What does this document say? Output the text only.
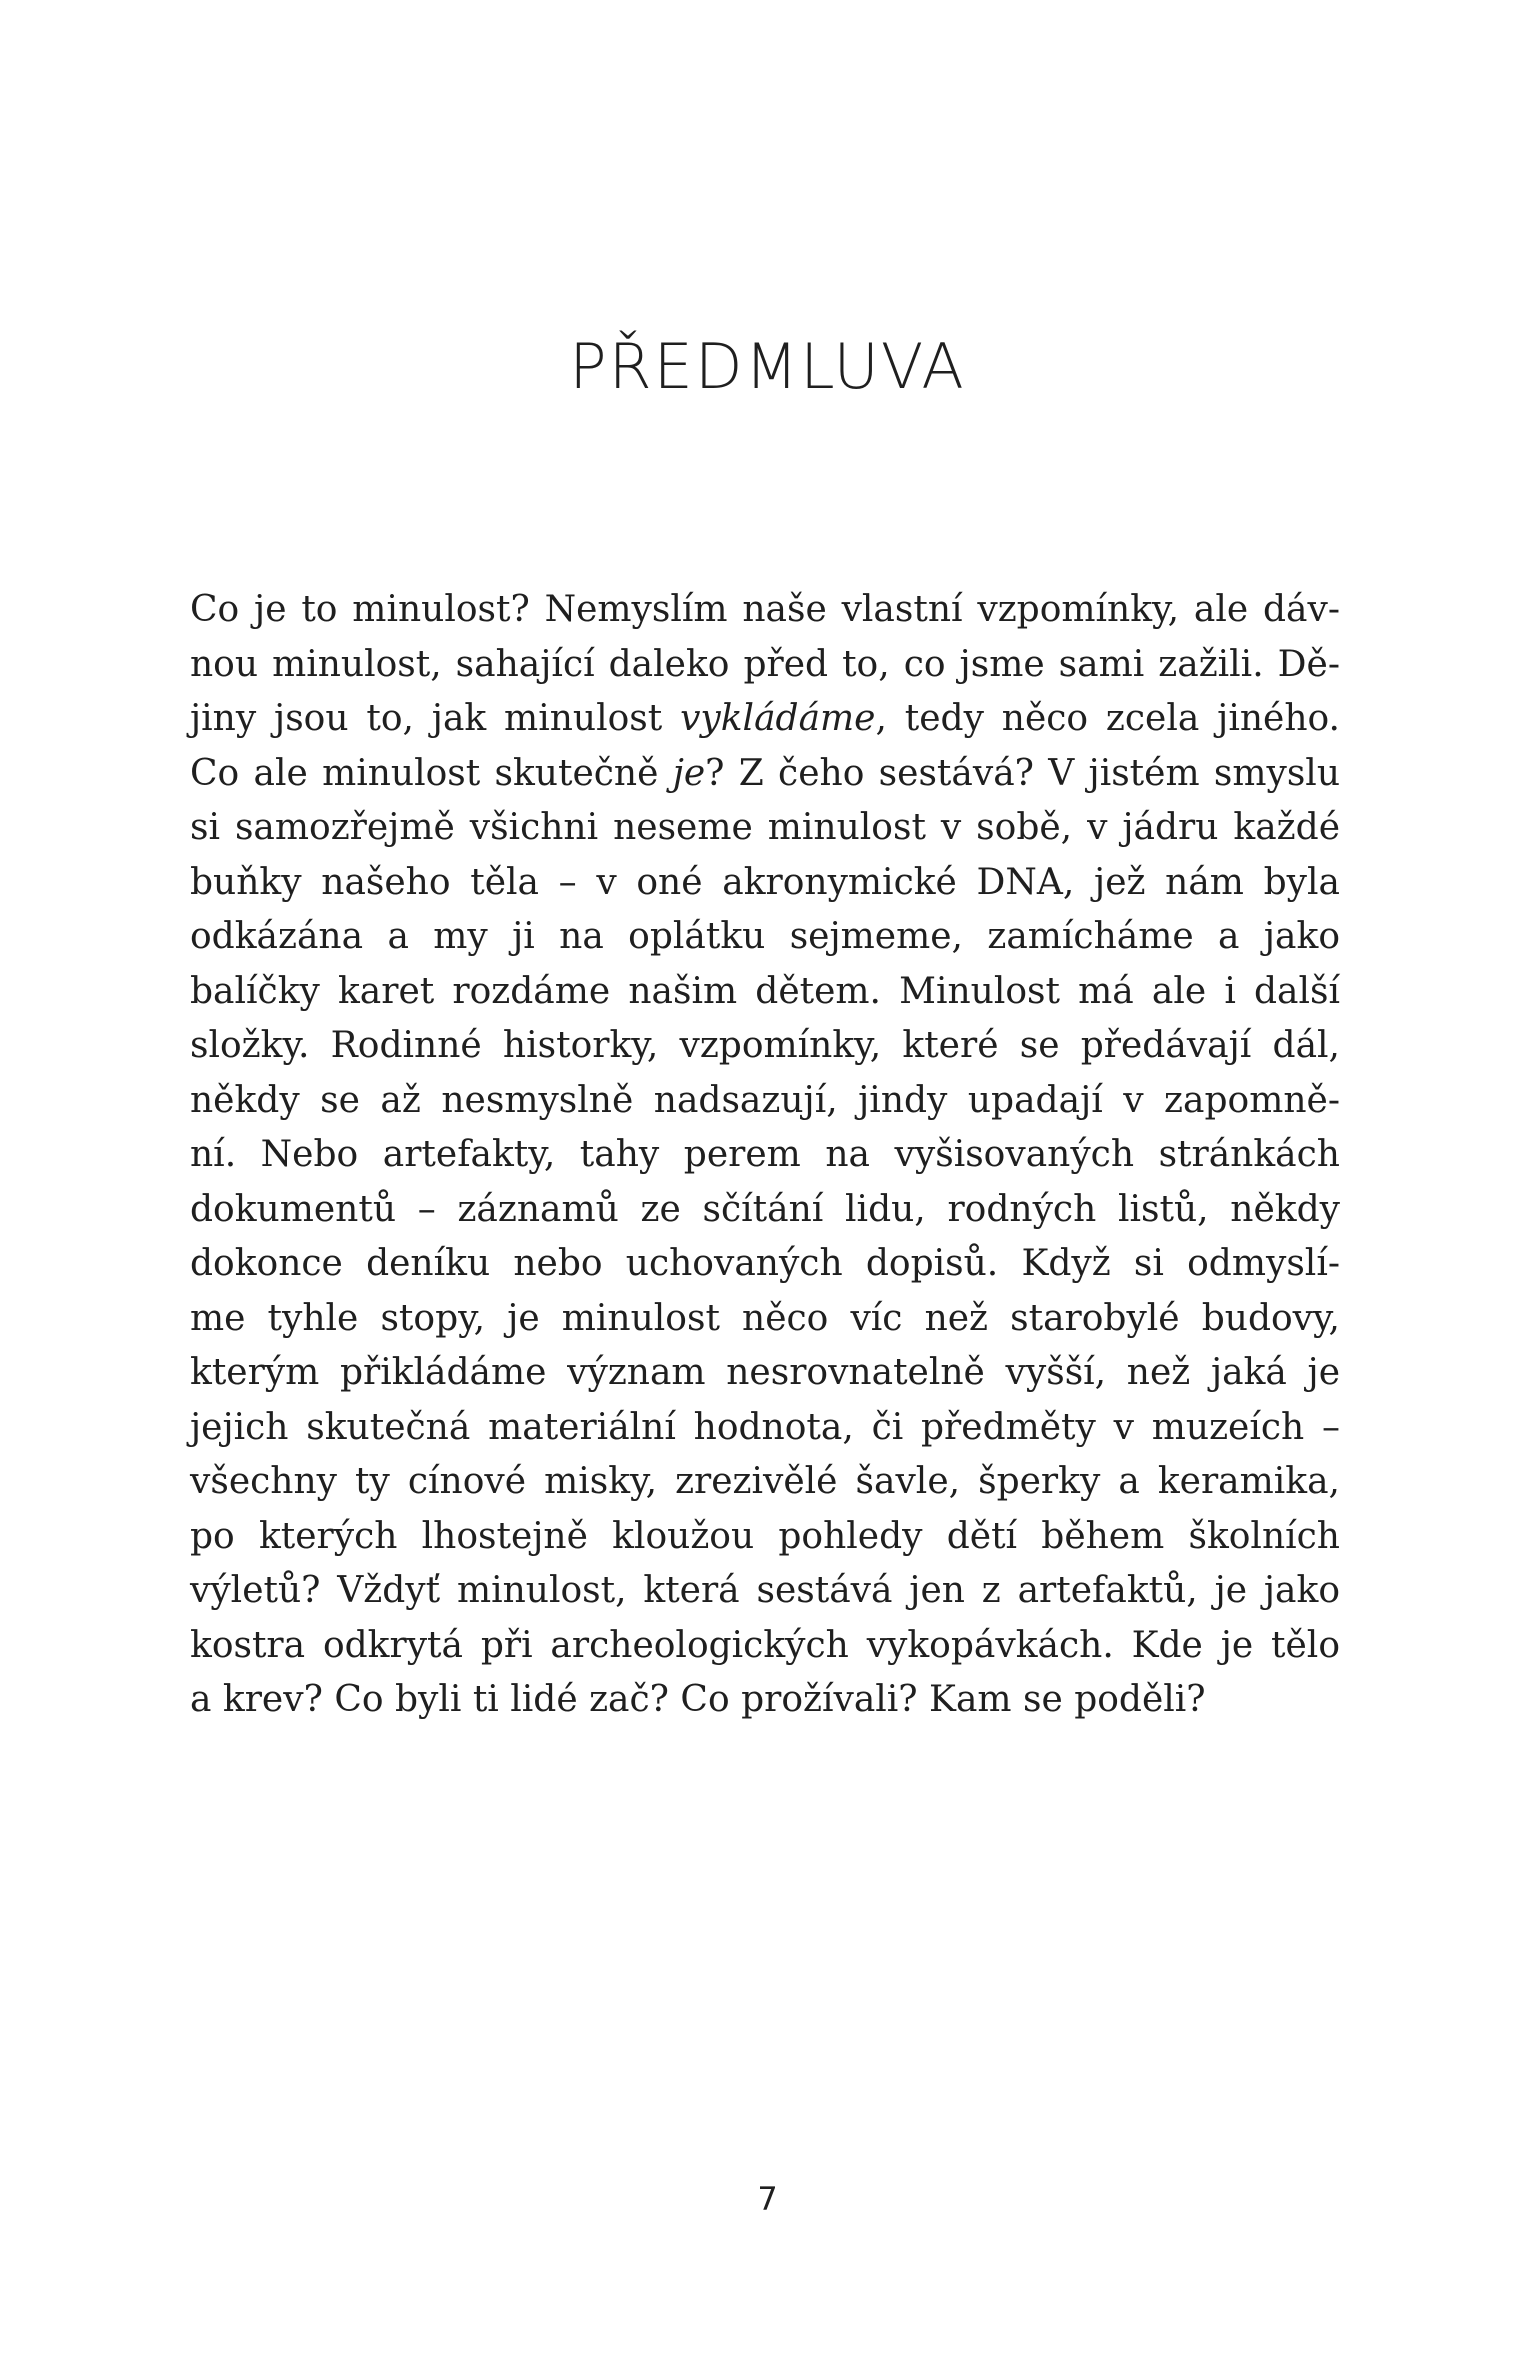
PŘEDMLUVA
Co je to minulost? Nemyslím naše vlastní vzpomínky, ale dáv-
nou minulost, sahající daleko před to, co jsme sami zažili. Dě-
jiny jsou to, jak minulost vykládáme, tedy něco zcela jiného.
Co ale minulost skutečně je? Z čeho sestává? V jistém smyslu
si samozřejmě všichni neseme minulost v sobě, v jádru každé
buňky našeho těla – v oné akronymické DNA, jež nám byla
odkázána a my ji na oplátku sejmeme, zamícháme a jako
balíčky karet rozdáme našim dětem. Minulost má ale i další
složky. Rodinné historky, vzpomínky, které se předávají dál,
někdy se až nesmyslně nadsazují, jindy upadají v zapomně-
ní. Nebo artefakty, tahy perem na vyšisovaných stránkách
dokumentů – záznamů ze sčítání lidu, rodných listů, někdy
dokonce deníku nebo uchovaných dopisů. Když si odmyslí-
me tyhle stopy, je minulost něco víc než starobylé budovy,
kterým přikládáme význam nesrovnatelně vyšší, než jaká je
jejich skutečná materiální hodnota, či předměty v muzeích –
všechny ty cínové misky, zrezivělé šavle, šperky a keramika,
po kterých lhostejně kloužou pohledy dětí během školních
výletů? Vždyť minulost, která sestává jen z artefaktů, je jako
kostra odkrytá při archeologických vykopávkách. Kde je tělo
a krev? Co byli ti lidé zač? Co prožívali? Kam se poděli?
7
